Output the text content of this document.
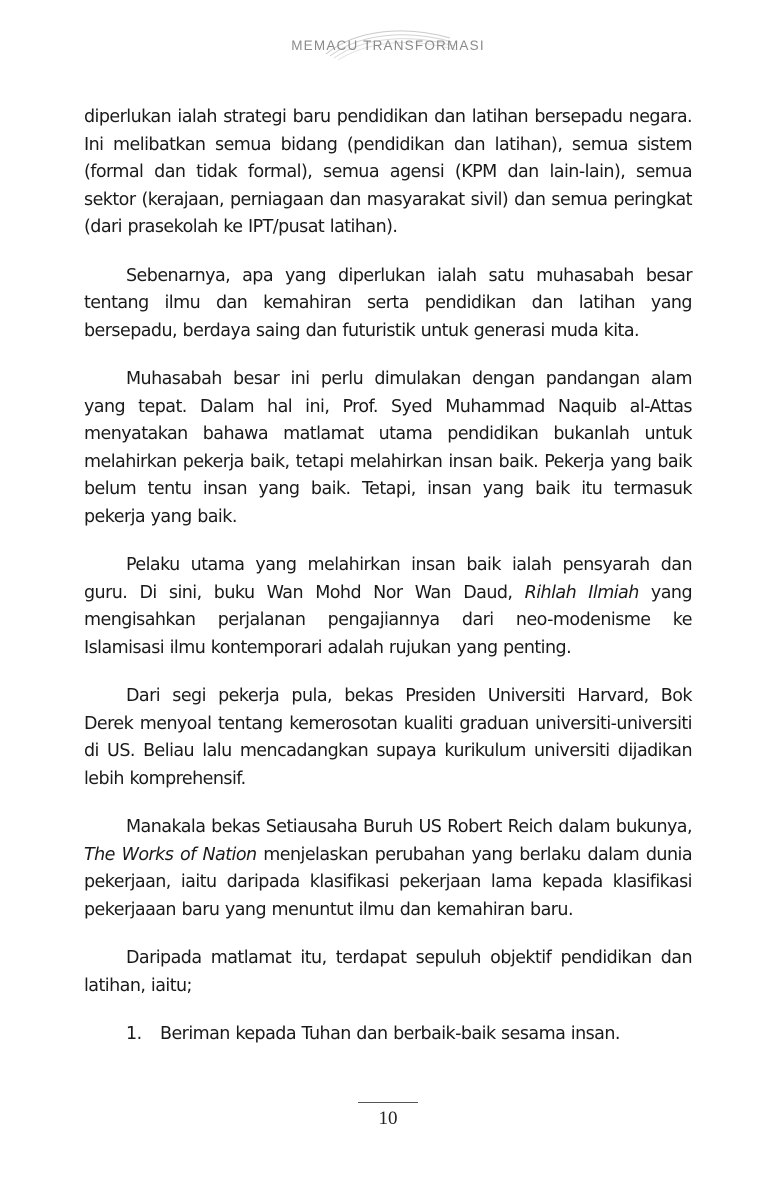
MEMACU TRANSFORMASI

diperlukan ialah strategi baru pendidikan dan latihan bersepadu negara. Ini melibatkan semua bidang (pendidikan dan latihan), semua sistem (formal dan tidak formal), semua agensi (KPM dan lain-lain), semua sektor (kerajaan, perniagaan dan masyarakat sivil) dan semua peringkat (dari prasekolah ke IPT/pusat latihan).

Sebenarnya, apa yang diperlukan ialah satu muhasabah besar tentang ilmu dan kemahiran serta pendidikan dan latihan yang bersepadu, berdaya saing dan futuristik untuk generasi muda kita.

Muhasabah besar ini perlu dimulakan dengan pandangan alam yang tepat. Dalam hal ini, Prof. Syed Muhammad Naquib al-Attas menyatakan bahawa matlamat utama pendidikan bukanlah untuk melahirkan pekerja baik, tetapi melahirkan insan baik. Pekerja yang baik belum tentu insan yang baik. Tetapi, insan yang baik itu termasuk pekerja yang baik.

Pelaku utama yang melahirkan insan baik ialah pensyarah dan guru. Di sini, buku Wan Mohd Nor Wan Daud, Rihlah Ilmiah yang mengisahkan perjalanan pengajiannya dari neo-modenisme ke Islamisasi ilmu kontemporari adalah rujukan yang penting.

Dari segi pekerja pula, bekas Presiden Universiti Harvard, Bok Derek menyoal tentang kemerosotan kualiti graduan universiti-universiti di US. Beliau lalu mencadangkan supaya kurikulum universiti dijadikan lebih komprehensif.

Manakala bekas Setiausaha Buruh US Robert Reich dalam bukunya, The Works of Nation menjelaskan perubahan yang berlaku dalam dunia pekerjaan, iaitu daripada klasifikasi pekerjaan lama kepada klasifikasi pekerjaaan baru yang menuntut ilmu dan kemahiran baru.

Daripada matlamat itu, terdapat sepuluh objektif pendidikan dan latihan, iaitu;

1. Beriman kepada Tuhan dan berbaik-baik sesama insan.

10
